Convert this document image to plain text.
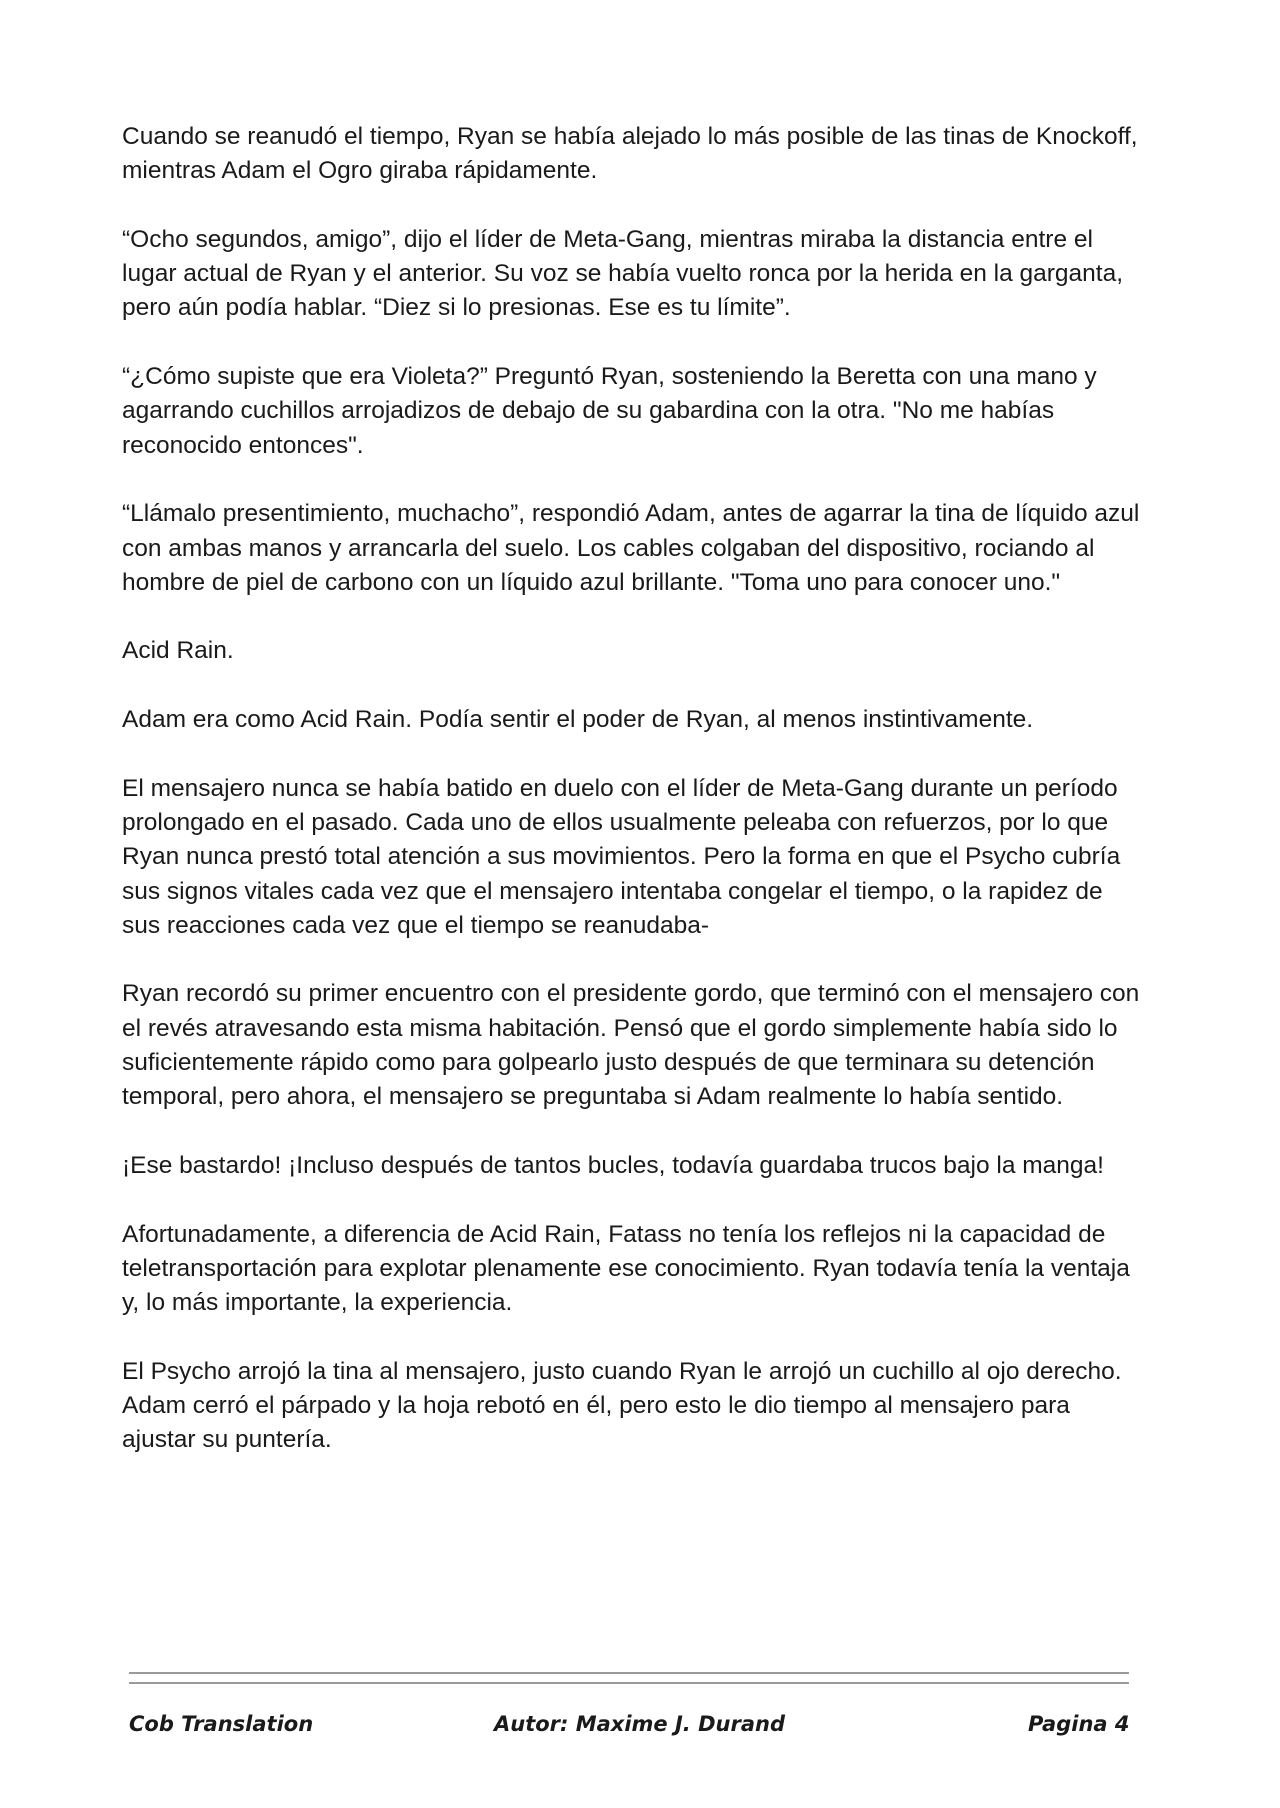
Cuando se reanudó el tiempo, Ryan se había alejado lo más posible de las tinas de Knockoff, mientras Adam el Ogro giraba rápidamente.

“Ocho segundos, amigo”, dijo el líder de Meta-Gang, mientras miraba la distancia entre el lugar actual de Ryan y el anterior. Su voz se había vuelto ronca por la herida en la garganta, pero aún podía hablar. “Diez si lo presionas. Ese es tu límite”.

“¿Cómo supiste que era Violeta?” Preguntó Ryan, sosteniendo la Beretta con una mano y agarrando cuchillos arrojadizos de debajo de su gabardina con la otra. "No me habías reconocido entonces".

“Llámalo presentimiento, muchacho”, respondió Adam, antes de agarrar la tina de líquido azul con ambas manos y arrancarla del suelo. Los cables colgaban del dispositivo, rociando al hombre de piel de carbono con un líquido azul brillante. "Toma uno para conocer uno."

Acid Rain.

Adam era como Acid Rain. Podía sentir el poder de Ryan, al menos instintivamente.

El mensajero nunca se había batido en duelo con el líder de Meta-Gang durante un período prolongado en el pasado. Cada uno de ellos usualmente peleaba con refuerzos, por lo que Ryan nunca prestó total atención a sus movimientos. Pero la forma en que el Psycho cubría sus signos vitales cada vez que el mensajero intentaba congelar el tiempo, o la rapidez de sus reacciones cada vez que el tiempo se reanudaba-

Ryan recordó su primer encuentro con el presidente gordo, que terminó con el mensajero con el revés atravesando esta misma habitación. Pensó que el gordo simplemente había sido lo suficientemente rápido como para golpearlo justo después de que terminara su detención temporal, pero ahora, el mensajero se preguntaba si Adam realmente lo había sentido.

¡Ese bastardo! ¡Incluso después de tantos bucles, todavía guardaba trucos bajo la manga!

Afortunadamente, a diferencia de Acid Rain, Fatass no tenía los reflejos ni la capacidad de teletransportación para explotar plenamente ese conocimiento. Ryan todavía tenía la ventaja y, lo más importante, la experiencia.

El Psycho arrojó la tina al mensajero, justo cuando Ryan le arrojó un cuchillo al ojo derecho. Adam cerró el párpado y la hoja rebotó en él, pero esto le dio tiempo al mensajero para ajustar su puntería.

Cob Translation	Autor: Maxime J. Durand	Pagina 4
